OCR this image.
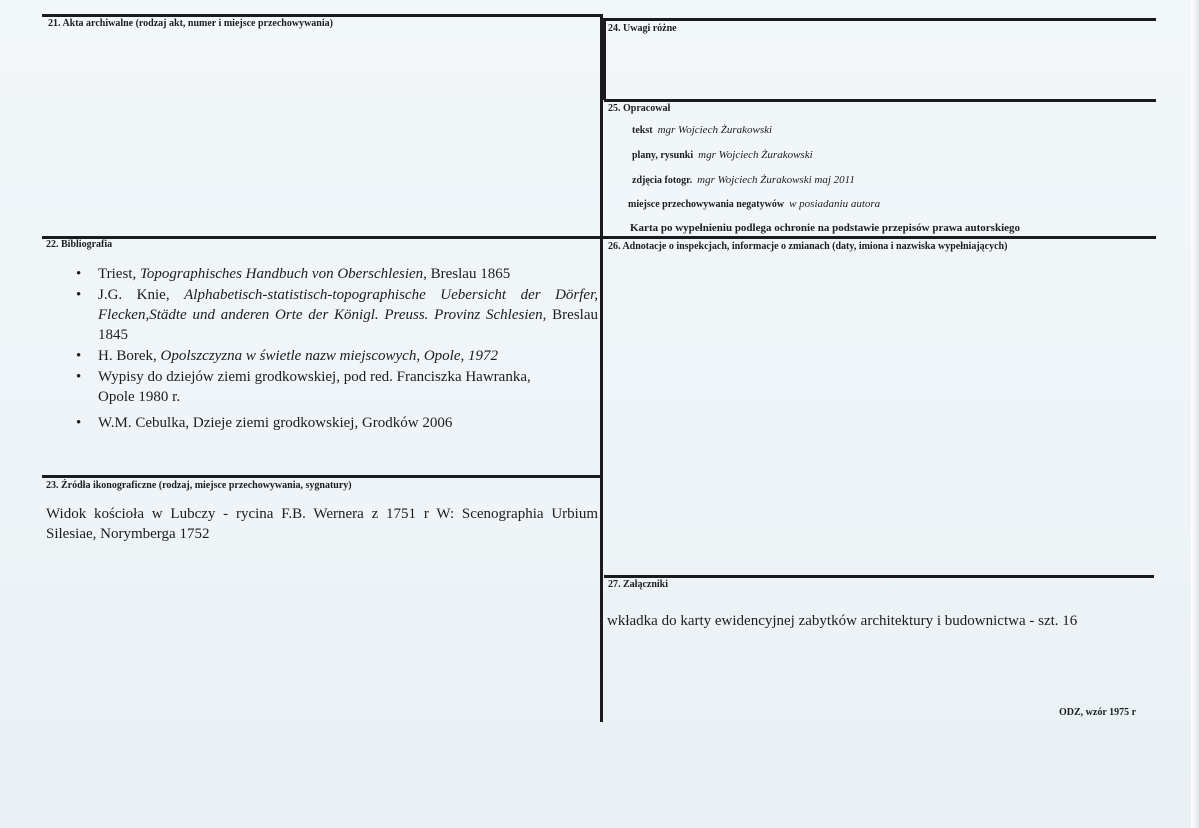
21. Akta archiwalne (rodzaj akt, numer i miejsce przechowywania)
22. Bibliografia
• Triest, Topographisches Handbuch von Oberschlesien, Breslau 1865
• J.G. Knie, Alphabetisch-statistisch-topographische Uebersicht der Dörfer, Flecken,Städte und anderen Orte der Königl. Preuss. Provinz Schlesien, Breslau 1845
• H. Borek, Opolszczyzna w świetle nazw miejscowych, Opole, 1972
• Wypisy do dziejów ziemi grodkowskiej, pod red. Franciszka Hawranka, Opole 1980 r.
• W.M. Cebulka, Dzieje ziemi grodkowskiej, Grodków 2006
23. Źródła ikonograficzne (rodzaj, miejsce przechowywania, sygnatury)
Widok kościoła w Lubczy - rycina F.B. Wernera z 1751 r W: Scenographia Urbium Silesiae, Norymberga 1752
24. Uwagi różne
25. Opracował
tekst mgr Wojciech Żurakowski
plany, rysunki mgr Wojciech Żurakowski
zdjęcia fotogr. mgr Wojciech Żurakowski maj 2011
miejsce przechowywania negatywów w posiadaniu autora
Karta po wypełnieniu podlega ochronie na podstawie przepisów prawa autorskiego
26. Adnotacje o inspekcjach, informacje o zmianach (daty, imiona i nazwiska wypełniających)
27. Załączniki
wkładka do karty ewidencyjnej zabytków architektury i budownictwa - szt. 16
ODZ, wzór 1975 r
